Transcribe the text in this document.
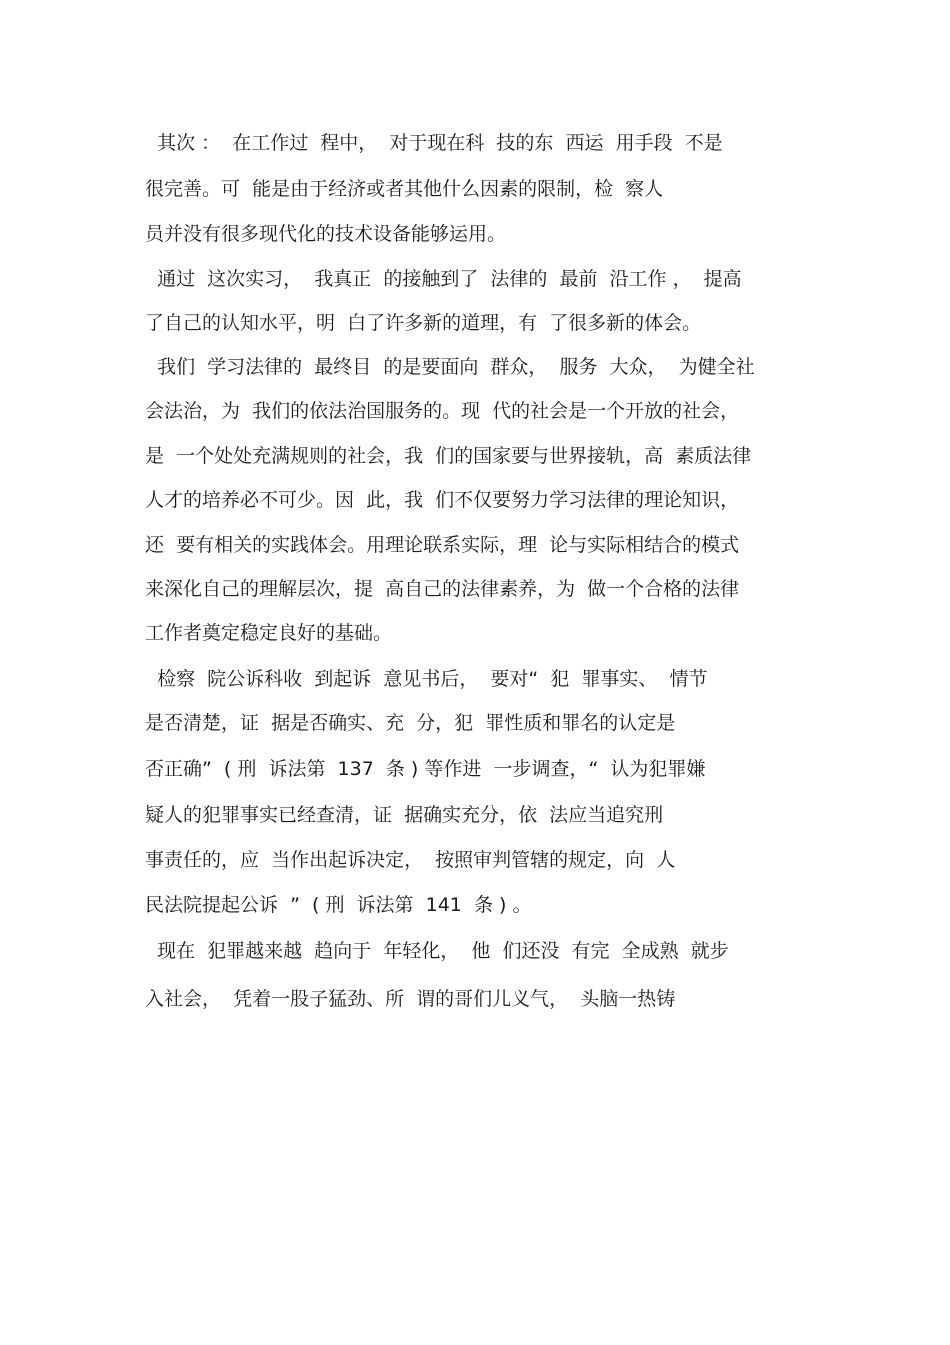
其次 ：  在工作过  程中，  对于现在科  技的东  西运  用手段  不是
很完善。可  能是由于经济或者其他什么因素的限制，检  察人
员并没有很多现代化的技术设备能够运用。
通过  这次实习，  我真正  的接触到了  法律的  最前  沿工作 ，  提高
了自己的认知水平，明  白了许多新的道理，有  了很多新的体会。
我们  学习法律的  最终目  的是要面向  群众，  服务  大众，  为健全社
会法治，为  我们的依法治国服务的。现  代的社会是一个开放的社会，
是  一个处处充满规则的社会，我  们的国家要与世界接轨，高  素质法律
人才的培养必不可少。因  此，我  们不仅要努力学习法律的理论知识，
还  要有相关的实践体会。用理论联系实际，理  论与实际相结合的模式
来深化自己的理解层次，提  高自己的法律素养，为  做一个合格的法律
工作者奠定稳定良好的基础。
检察  院公诉科收  到起诉  意见书后，  要对“  犯  罪事实、  情节
是否清楚，证  据是否确实、充  分，犯  罪性质和罪名的认定是
否正确”  ( 刑  诉法第  137  条 ) 等作进  一步调查，“  认为犯罪嫌
疑人的犯罪事实已经查清，证  据确实充分，依  法应当追究刑
事责任的，应  当作出起诉决定，  按照审判管辖的规定，向  人
民法院提起公诉  ”  ( 刑  诉法第  141  条 ) 。
现在  犯罪越来越  趋向于  年轻化，  他  们还没  有完  全成熟  就步
入社会，  凭着一股子猛劲、所  谓的哥们儿义气，  头脑一热铸
